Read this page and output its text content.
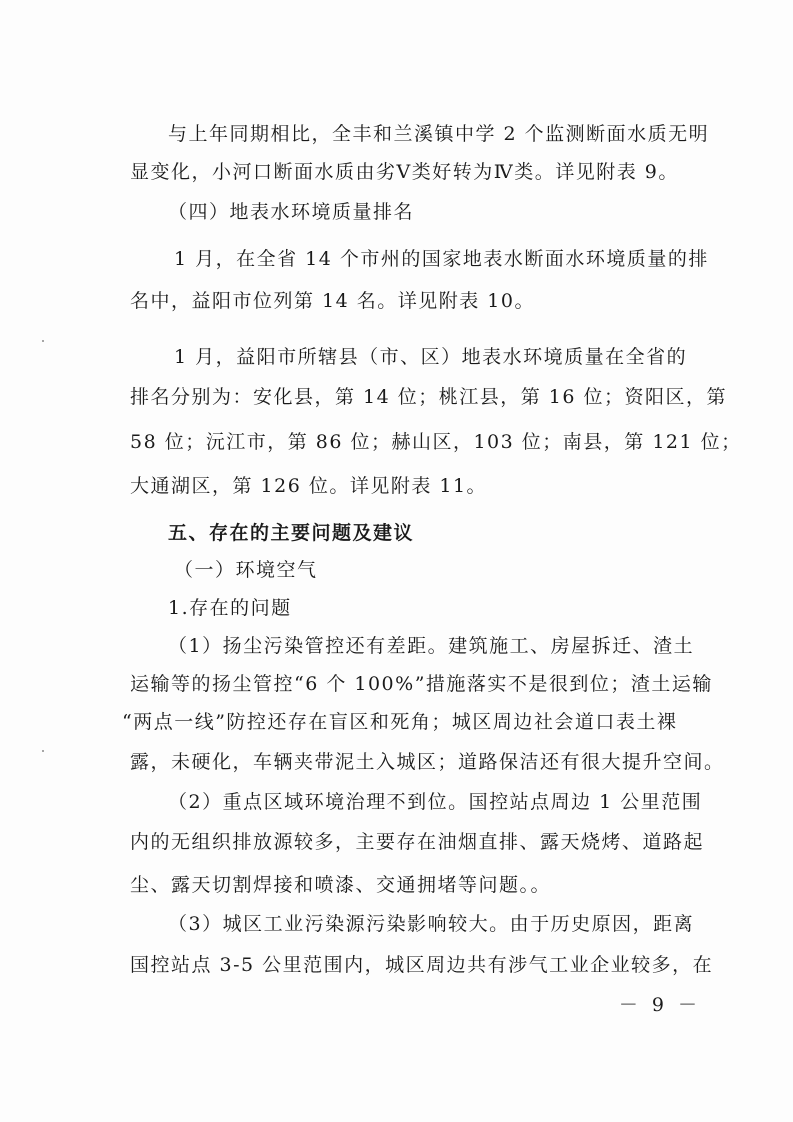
与上年同期相比，全丰和兰溪镇中学 2 个监测断面水质无明
显变化，小河口断面水质由劣Ⅴ类好转为Ⅳ类。详见附表 9。
（四）地表水环境质量排名
1 月，在全省 14 个市州的国家地表水断面水环境质量的排
名中，益阳市位列第 14 名。详见附表 10。
1 月，益阳市所辖县（市、区）地表水环境质量在全省的
排名分别为：安化县，第 14 位；桃江县，第 16 位；资阳区，第
58 位；沅江市，第 86 位；赫山区，103 位；南县，第 121 位；
大通湖区，第 126 位。详见附表 11。
五、存在的主要问题及建议
（一）环境空气
1.存在的问题
（1）扬尘污染管控还有差距。建筑施工、房屋拆迁、渣土
运输等的扬尘管控“6 个 100%”措施落实不是很到位；渣土运输
“两点一线”防控还存在盲区和死角；城区周边社会道口表土裸
露，未硬化，车辆夹带泥土入城区；道路保洁还有很大提升空间。
（2）重点区域环境治理不到位。国控站点周边 1 公里范围
内的无组织排放源较多，主要存在油烟直排、露天烧烤、道路起
尘、露天切割焊接和喷漆、交通拥堵等问题。。
（3）城区工业污染源污染影响较大。由于历史原因，距离
国控站点 3-5 公里范围内，城区周边共有涉气工业企业较多，在
－ 9 －
